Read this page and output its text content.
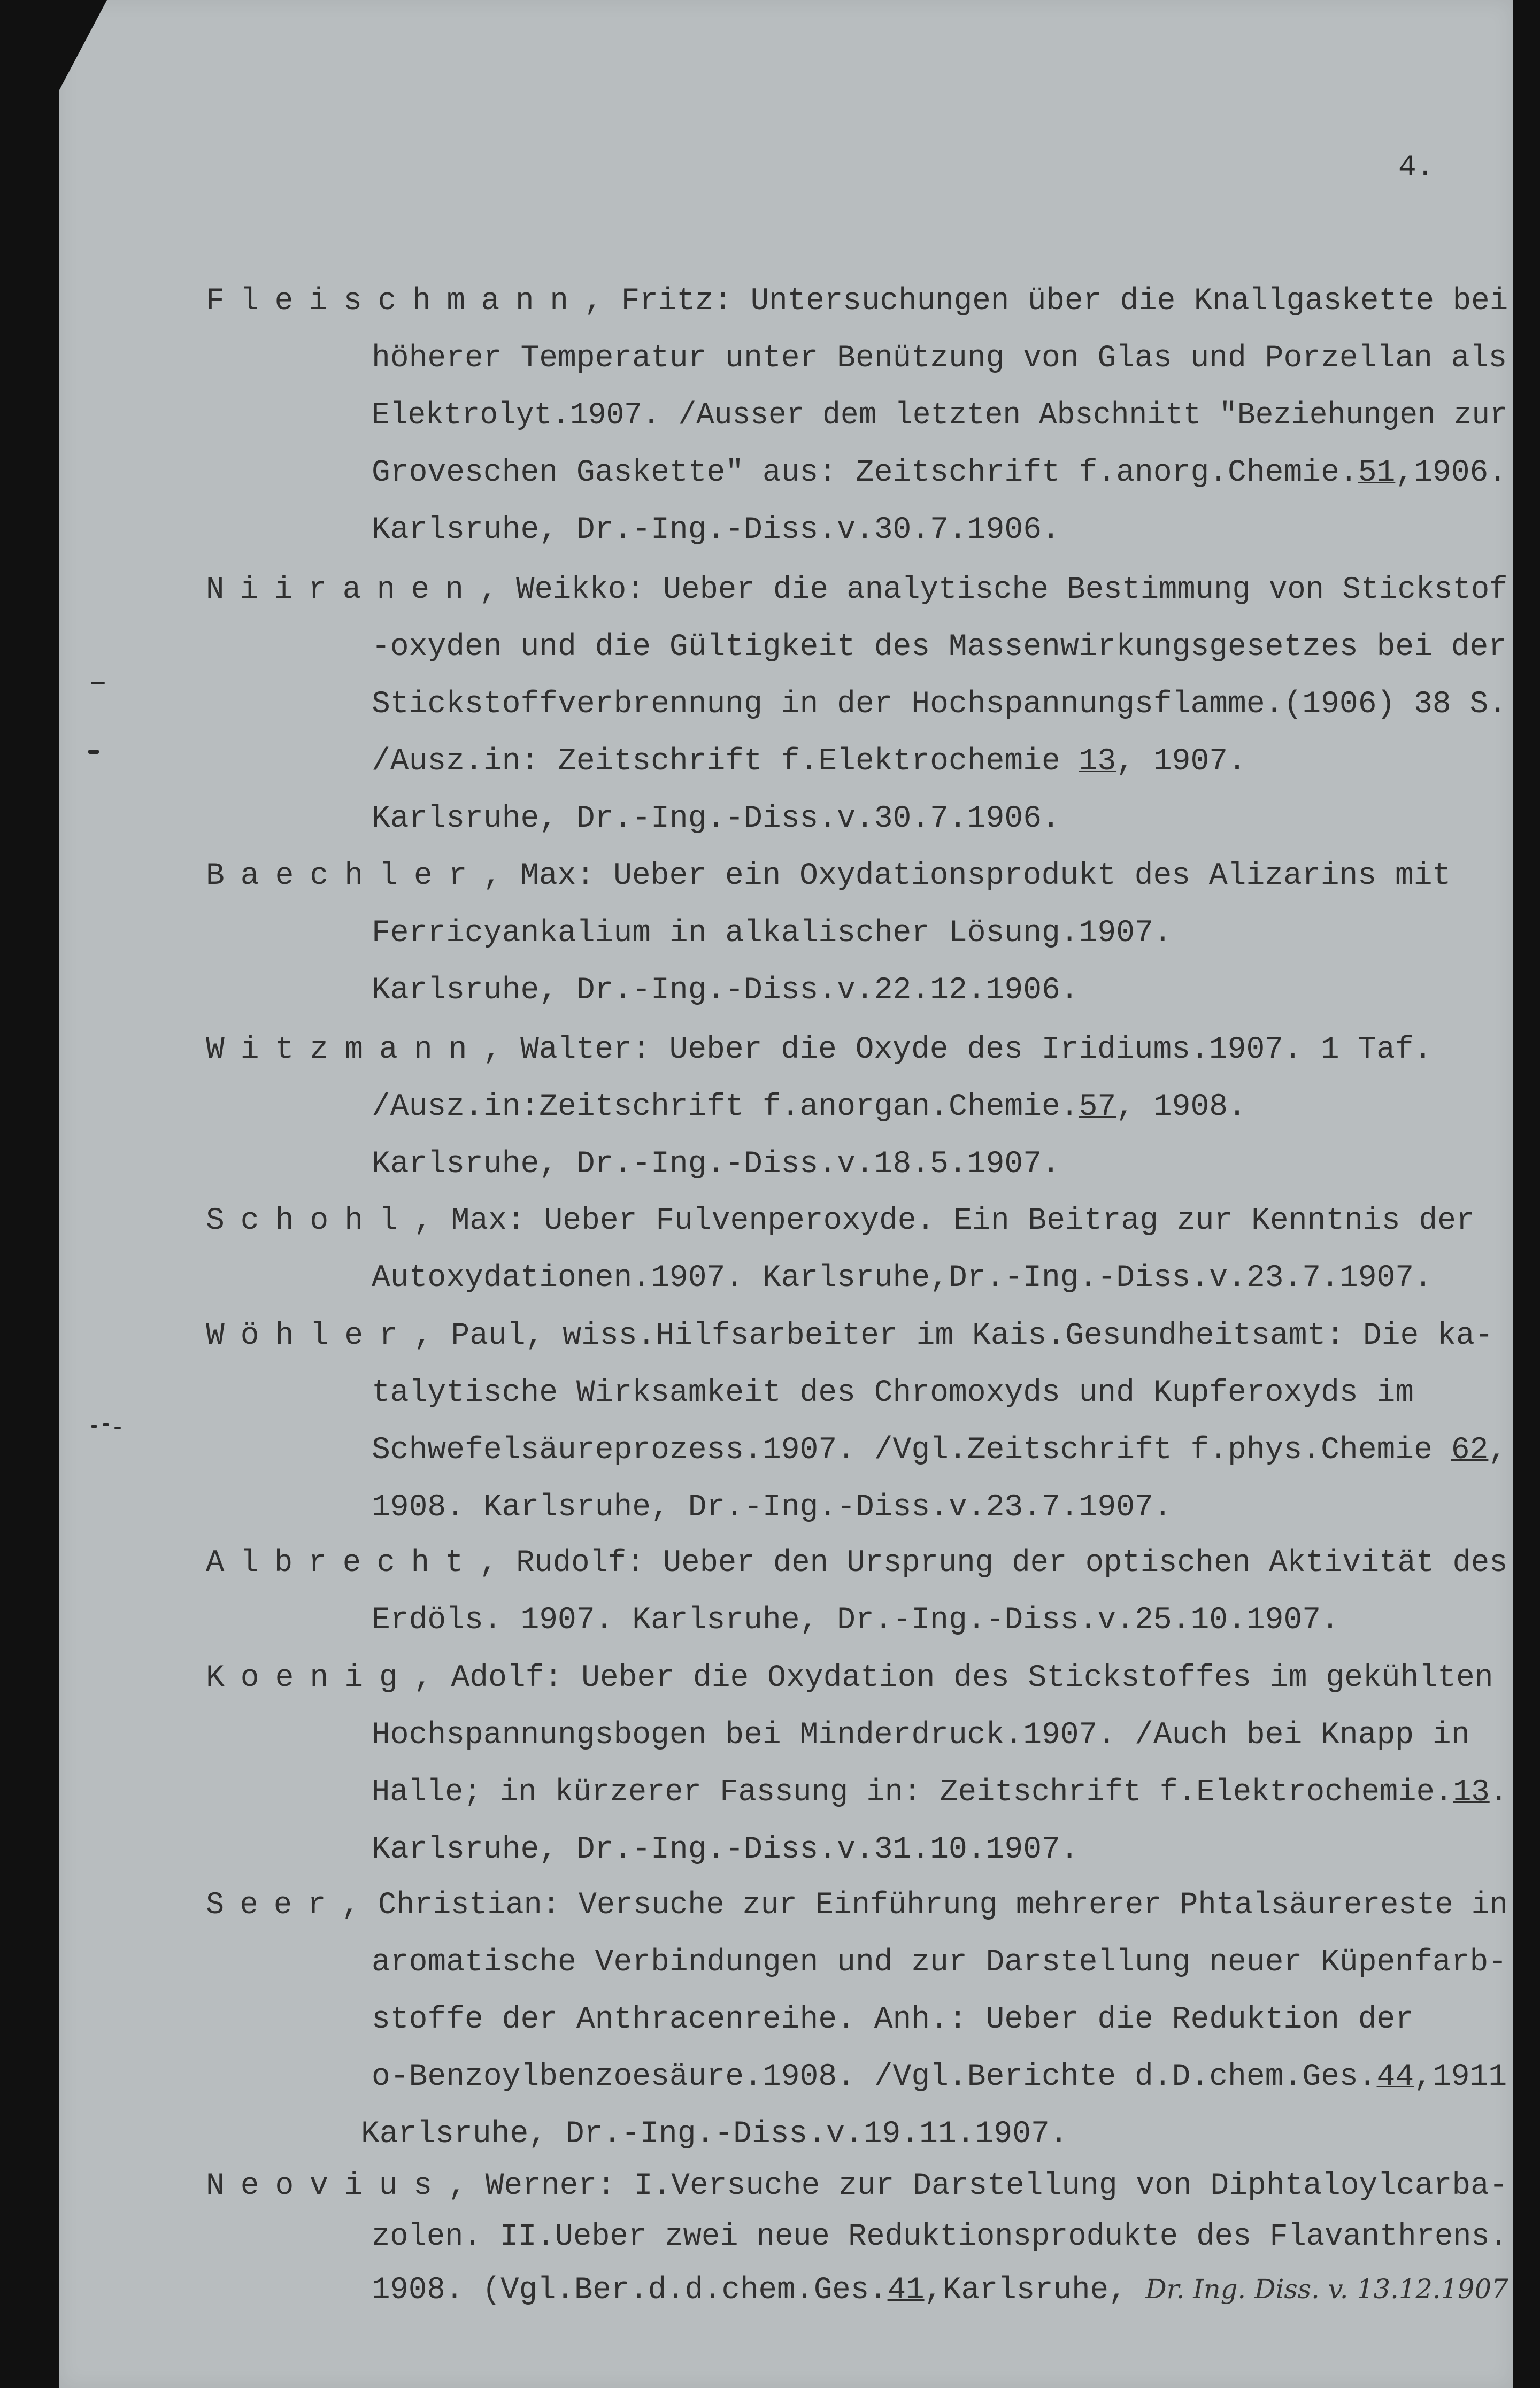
4.
Fleischmann, Fritz: Untersuchungen über die Knallgaskette bei
höherer Temperatur unter Benützung von Glas und Porzellan als
Elektrolyt.1907. /Ausser dem letzten Abschnitt "Beziehungen zur
Groveschen Gaskette" aus: Zeitschrift f.anorg.Chemie.51,1906.
Karlsruhe, Dr.-Ing.-Diss.v.30.7.1906.
Niiranen, Weikko: Ueber die analytische Bestimmung von Stickstof
-oxyden und die Gültigkeit des Massenwirkungsgesetzes bei der
Stickstoffverbrennung in der Hochspannungsflamme.(1906) 38 S.
/Ausz.in: Zeitschrift f.Elektrochemie 13, 1907.
Karlsruhe, Dr.-Ing.-Diss.v.30.7.1906.
Baechler, Max: Ueber ein Oxydationsprodukt des Alizarins mit
Ferricyankalium in alkalischer Lösung.1907.
Karlsruhe, Dr.-Ing.-Diss.v.22.12.1906.
Witzmann, Walter: Ueber die Oxyde des Iridiums.1907. 1 Taf.
/Ausz.in:Zeitschrift f.anorgan.Chemie.57, 1908.
Karlsruhe, Dr.-Ing.-Diss.v.18.5.1907.
Schohl, Max: Ueber Fulvenperoxyde. Ein Beitrag zur Kenntnis der
Autoxydationen.1907. Karlsruhe,Dr.-Ing.-Diss.v.23.7.1907.
Wöhler, Paul, wiss.Hilfsarbeiter im Kais.Gesundheitsamt: Die ka-
talytische Wirksamkeit des Chromoxyds und Kupferoxyds im
Schwefelsäureprozess.1907. /Vgl.Zeitschrift f.phys.Chemie 62,
1908. Karlsruhe, Dr.-Ing.-Diss.v.23.7.1907.
Albrecht, Rudolf: Ueber den Ursprung der optischen Aktivität des
Erdöls. 1907. Karlsruhe, Dr.-Ing.-Diss.v.25.10.1907.
Koenig, Adolf: Ueber die Oxydation des Stickstoffes im gekühlten
Hochspannungsbogen bei Minderdruck.1907. /Auch bei Knapp in
Halle; in kürzerer Fassung in: Zeitschrift f.Elektrochemie.13.
Karlsruhe, Dr.-Ing.-Diss.v.31.10.1907.
Seer, Christian: Versuche zur Einführung mehrerer Phtalsäurereste in
aromatische Verbindungen und zur Darstellung neuer Küpenfarb-
stoffe der Anthracenreihe. Anh.: Ueber die Reduktion der
o-Benzoylbenzoesäure.1908. /Vgl.Berichte d.D.chem.Ges.44,1911
Karlsruhe, Dr.-Ing.-Diss.v.19.11.1907.
Neovius, Werner: I.Versuche zur Darstellung von Diphtaloylcarba-
zolen. II.Ueber zwei neue Reduktionsprodukte des Flavanthrens.
1908. (Vgl.Ber.d.d.chem.Ges.41,Karlsruhe, Dr. Ing. Diss. v. 13.12.1907
